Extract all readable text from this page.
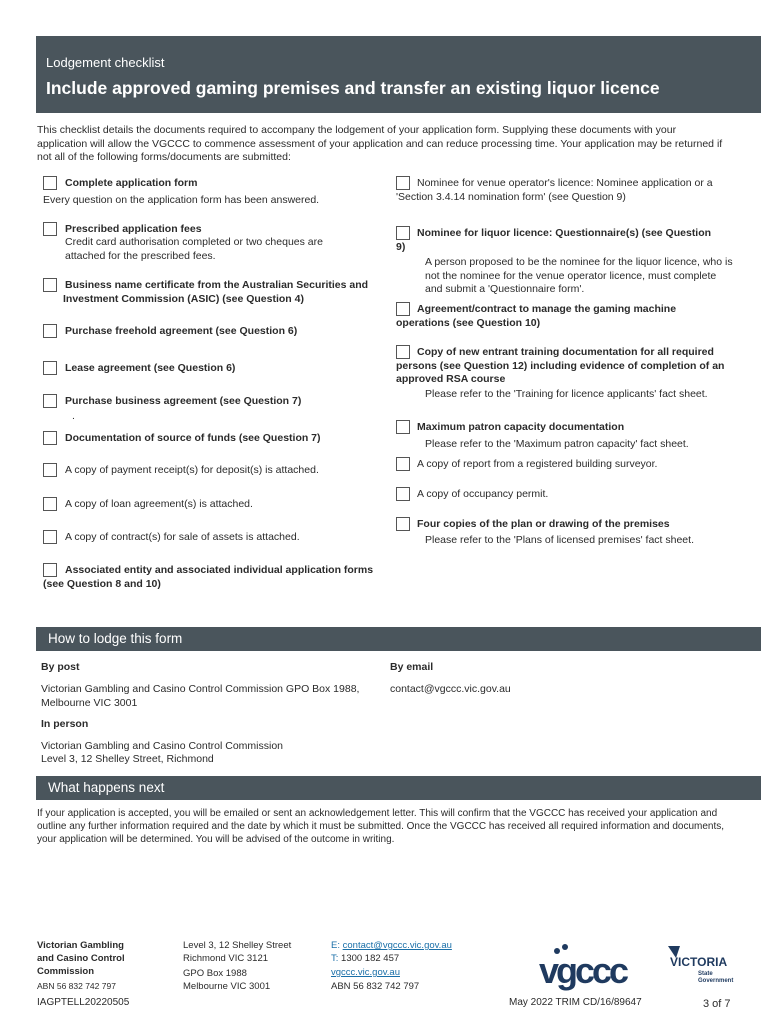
Lodgement checklist
Include approved gaming premises and transfer an existing liquor licence
This checklist details the documents required to accompany the lodgement of your application form. Supplying these documents with your application will allow the VGCCC to commence assessment of your application and can reduce processing time. Your application may be returned if not all of the following forms/documents are submitted:
Complete application form
Every question on the application form has been answered.
Prescribed application fees
Credit card authorisation completed or two cheques are attached for the prescribed fees.
Business name certificate from the Australian Securities and Investment Commission (ASIC) (see Question 4)
Purchase freehold agreement (see Question 6)
Lease agreement (see Question 6)
Purchase business agreement (see Question 7)
.
Documentation of source of funds (see Question 7)
A copy of payment receipt(s) for deposit(s) is attached.
A copy of loan agreement(s) is attached.
A copy of contract(s) for sale of assets is attached.
Associated entity and associated individual application forms (see Question 8 and 10)
Nominee for venue operator's licence: Nominee application or a 'Section 3.4.14 nomination form' (see Question 9)
Nominee for liquor licence: Questionnaire(s) (see Question 9)
A person proposed to be the nominee for the liquor licence, who is not the nominee for the venue operator licence, must complete and submit a 'Questionnaire form'.
Agreement/contract to manage the gaming machine operations (see Question 10)
Copy of new entrant training documentation for all required persons (see Question 12) including evidence of completion of an approved RSA course
Please refer to the 'Training for licence applicants' fact sheet.
Maximum patron capacity documentation
Please refer to the 'Maximum patron capacity' fact sheet.
A copy of report from a registered building surveyor.
A copy of occupancy permit.
Four copies of the plan or drawing of the premises
Please refer to the 'Plans of licensed premises' fact sheet.
How to lodge this form
By post
Victorian Gambling and Casino Control Commission GPO Box 1988, Melbourne VIC 3001
By email
contact@vgccc.vic.gov.au
In person
Victorian Gambling and Casino Control Commission
Level 3, 12 Shelley Street, Richmond
What happens next
If your application is accepted, you will be emailed or sent an acknowledgement letter. This will confirm that the VGCCC has received your application and outline any further information required and the date by which it must be submitted. Once the VGCCC has received all required information and documents, your application will be determined. You will be advised of the outcome in writing.
Victorian Gambling
and Casino Control
Commission
ABN 56 832 742 797
Level 3, 12 Shelley Street
Richmond VIC 3121
GPO Box 1988
Melbourne VIC 3001
E: contact@vgccc.vic.gov.au
T: 1300 182 457
vgccc.vic.gov.au
ABN 56 832 742 797	vgccc	VICTORIA
State
Government
IAGPTELL20220505	May 2022 TRIM CD/16/89647	3 of 7
